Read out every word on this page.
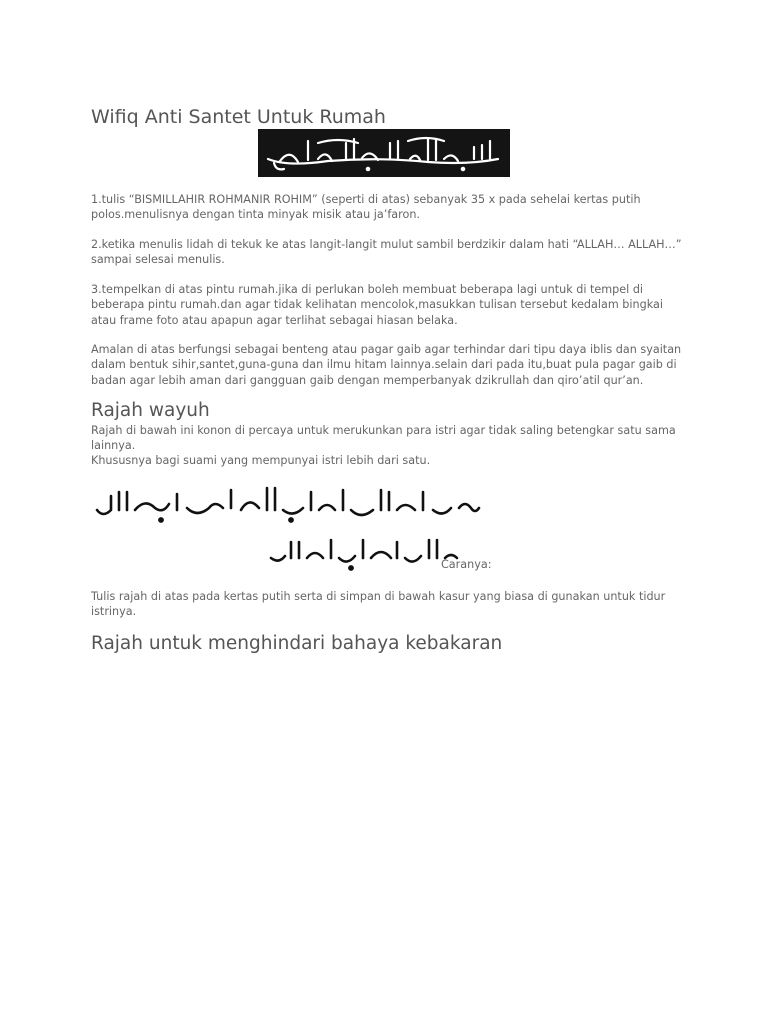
Wifiq Anti Santet Untuk Rumah

1.tulis “BISMILLAHIR ROHMANIR ROHIM” (seperti di atas) sebanyak 35 x pada sehelai kertas putih polos.menulisnya dengan tinta minyak misik atau ja’faron.

2.ketika menulis lidah di tekuk ke atas langit-langit mulut sambil berdzikir dalam hati “ALLAH… ALLAH…” sampai selesai menulis.

3.tempelkan di atas pintu rumah.jika di perlukan boleh membuat beberapa lagi untuk di tempel di beberapa pintu rumah.dan agar tidak kelihatan mencolok,masukkan tulisan tersebut kedalam bingkai atau frame foto atau apapun agar terlihat sebagai hiasan belaka.

Amalan di atas berfungsi sebagai benteng atau pagar gaib agar terhindar dari tipu daya iblis dan syaitan dalam bentuk sihir,santet,guna-guna dan ilmu hitam lainnya.selain dari pada itu,buat pula pagar gaib di badan agar lebih aman dari gangguan gaib dengan memperbanyak dzikrullah dan qiro’atil qur’an.

Rajah wayuh

Rajah di bawah ini konon di percaya untuk merukunkan para istri agar tidak saling betengkar satu sama lainnya.

Khususnya bagi suami yang mempunyai istri lebih dari satu.

Caranya:

Tulis rajah di atas pada kertas putih serta di simpan di bawah kasur yang biasa di gunakan untuk tidur istrinya.

Rajah untuk menghindari bahaya kebakaran
